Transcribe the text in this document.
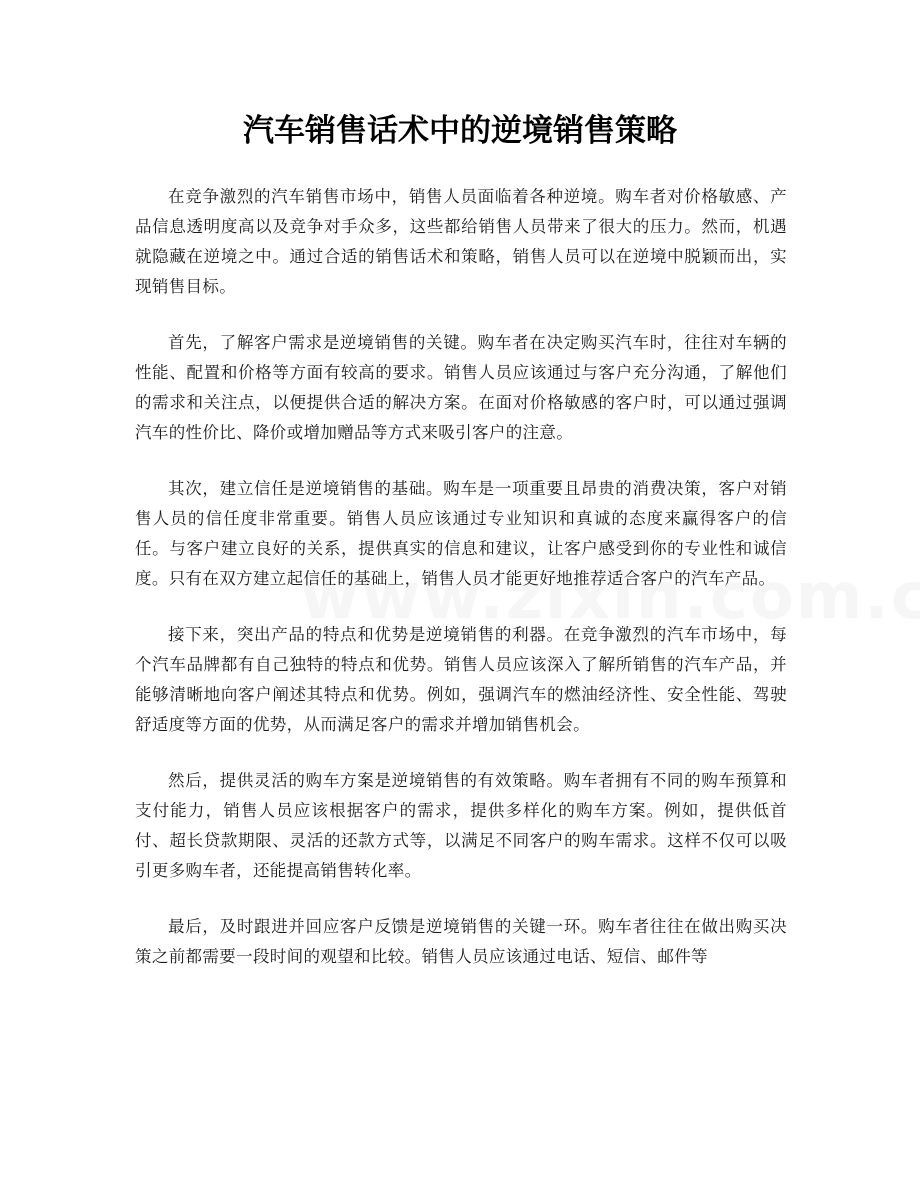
汽车销售话术中的逆境销售策略

在竞争激烈的汽车销售市场中，销售人员面临着各种逆境。购车者对价格敏感、产品信息透明度高以及竞争对手众多，这些都给销售人员带来了很大的压力。然而，机遇就隐藏在逆境之中。通过合适的销售话术和策略，销售人员可以在逆境中脱颖而出，实现销售目标。

首先，了解客户需求是逆境销售的关键。购车者在决定购买汽车时，往往对车辆的性能、配置和价格等方面有较高的要求。销售人员应该通过与客户充分沟通，了解他们的需求和关注点，以便提供合适的解决方案。在面对价格敏感的客户时，可以通过强调汽车的性价比、降价或增加赠品等方式来吸引客户的注意。

其次，建立信任是逆境销售的基础。购车是一项重要且昂贵的消费决策，客户对销售人员的信任度非常重要。销售人员应该通过专业知识和真诚的态度来赢得客户的信任。与客户建立良好的关系，提供真实的信息和建议，让客户感受到你的专业性和诚信度。只有在双方建立起信任的基础上，销售人员才能更好地推荐适合客户的汽车产品。

接下来，突出产品的特点和优势是逆境销售的利器。在竞争激烈的汽车市场中，每个汽车品牌都有自己独特的特点和优势。销售人员应该深入了解所销售的汽车产品，并能够清晰地向客户阐述其特点和优势。例如，强调汽车的燃油经济性、安全性能、驾驶舒适度等方面的优势，从而满足客户的需求并增加销售机会。

然后，提供灵活的购车方案是逆境销售的有效策略。购车者拥有不同的购车预算和支付能力，销售人员应该根据客户的需求，提供多样化的购车方案。例如，提供低首付、超长贷款期限、灵活的还款方式等，以满足不同客户的购车需求。这样不仅可以吸引更多购车者，还能提高销售转化率。

最后，及时跟进并回应客户反馈是逆境销售的关键一环。购车者往往在做出购买决策之前都需要一段时间的观望和比较。销售人员应该通过电话、短信、邮件等
